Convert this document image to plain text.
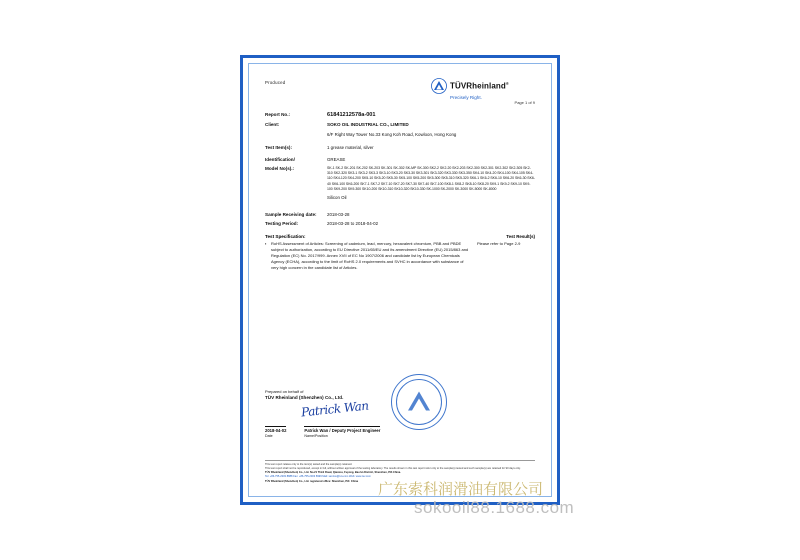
Produced	TÜVRheinland®
Precisely Right.
Page 1 of 9
Report No.:	61841212578a-001
Client:	SOKO OIL INDUSTRIAL CO., LIMITED
6/F Right Way Tower No.33 Kong Koh Road, Kowloon, Hong Kong
Test Item(s):	1 grease material, silver
Identification/	GREASE
Model No(s).:	SK-1 SK-2 SK-201 SK-202 SK-203 SK-301 SK-302 SK-MP SK-300 SK2-2 SK2-20 SK2-203 SK2-300 SK2-301 SK2-302 SK2-305 SK2-310 SK2-320 SK3-1 SK3-2 SK3-3 SK3-10 SK3-20 SK3-30 SK3-301 SK3-320 SK3-330 SK3-350 SK4-10 SK4-20 SK4-100 SK4-105 SK4-110 SK4-120 SK4-200 SK5-10 SK5-20 SK5-30 SK5-100 SK5-200 SK5-300 SK5-310 SK5-320 SK6-1 SK6-2 SK6-10 SK6-20 SK6-30 SK6-40 SK6-100 SK6-200 SK7-1 SK7-2 SK7-10 SK7-20 SK7-30 SK7-40 SK7-100 SK8-1 SK8-2 SK8-10 SK8-20 SK9-1 SK9-2 SK9-10 SK9-100 SK9-200 SK9-300 SK10-200 SK10-310 SK10-320 SK10-330 SK-1000 SK-2000 SK-3000 SK-5000 SK-8000
Silicon Oil
Sample Receiving date:	2018-03-28
Testing Period:	2018-03-28 to 2018-04-02
Test Specification:	Test Result(s)
▪ RoHS Assessment of Articles: Screening of cadmium, lead, mercury, hexavalent chromium, PBB and PBDE subject to authorization, according to EU Directive 2011/65/EU and its amendment Directive (EU) 2015/863 and Regulation (EC) No. 2017/999. Annex XVII of EC No 1907/2006 and candidate list by European Chemicals Agency (ECHA), according to the limit of RoHS 2.0 requirements and SVHC in accordance with substance of very high concern in the candidate list of Articles.
Please refer to Page 2-9
Prepared on behalf of
TÜV Rheinland (Shenzhen) Co., Ltd.
2018-04-02
Date
Patrick Wan / Deputy Project Engineer
Name/Position
Patrick Wan

This test report relates only to the item(s) tested and the sample(s) retained.

This test report shall not be reproduced, except in full, without written approval of the testing laboratory. The results shown in this test report refer only to the sample(s) tested and such sample(s) are retained for 90 days only.

TÜV Rheinland (Shenzhen) Co., Ltd. No.21 Third Road, Qiaotou, Fuyong, Bao'an District, Shenzhen, P.R.China.

Tel: +86-755-2303 8888 Fax: +86-755-2303 8999 Mail: service@tuv.com Web: www.tuv.com

TÜV Rheinland (Shenzhen) Co., Ltd. registered office: Shenzhen, P.R. China	广东索科润滑油有限公司
sokooil88.1688.com
